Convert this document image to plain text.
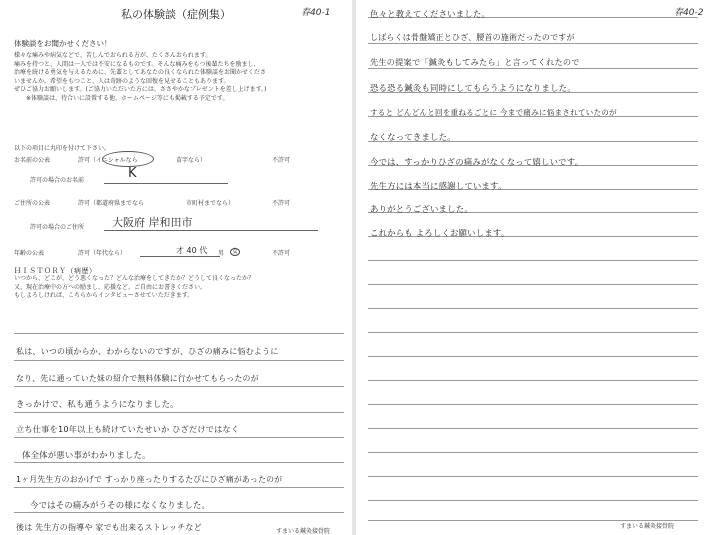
春40-1
私の体験談（症例集）
体験談をお聞かせください！

様々な痛みや病気などで、苦しんでおられる方が、たくさんおられます。

痛みを持つと、人間は一人では不安になるものです。そんな痛みをもつ後輩たちを励まし、

治療を続ける勇気を与えるために、先輩としてあなたの良くなられた体験談をお聞かせくださ

いませんか。希望をもつこと、人は奇跡のような回復を見せることもあります。

ぜひご協力お願いします。(ご協力いただいた方には、ささやかなプレゼントを差し上げます。)

※体験談は、待合いに設置する他、ホームページ等にも掲載する予定です。

以下の項目に丸印を付けて下さい。
お名前の公表	許可（イニシャルなら	苗字なら）	不許可
許可の場合のお名前	K
ご住所の公表	許可（都道府県までなら	市町村までなら）	不許可
許可の場合のご住所	大阪府 岸和田市
年齢の公表	許可（年代なら）	才 40 代 男	女	不許可
ＨＩＳＴＯＲＹ（病歴）

いつから、どこが、どう悪くなった？どんな治療をしてきたか？どうして良くなったか？

又、現在治療中の方への励まし、応援など、ご自由にお書きください。

もしよろしければ、こちらからインタビューさせていただきます。

私は、いつの頃からか、わからないのですが、ひざの痛みに悩むように
なり、先に通っていた妹の紹介で無料体験に行かせてもらったのが
きっかけで、私も通うようになりました。
立ち仕事を10年以上も続けていたせいか ひざだけではなく
体全体が悪い事がわかりました。
1ヶ月先生方のおかげで すっかり座ったりするたびにひざ痛があったのが
今ではその痛みがうその様になくなりました。
後は 先生方の指導や 家でも出来るストレッチなど	すまいる鍼灸接骨院
春40-2
色々と教えてくださいました。
しばらくは骨盤矯正とひざ、腰首の施術だったのですが
先生の提案で「鍼灸もしてみたら」と言ってくれたので
恐る恐る鍼灸も同時にしてもらうようになりました。
すると どんどんと回を重ねるごとに 今まで痛みに悩まされていたのが
なくなってきました。
今では、すっかりひざの痛みがなくなって嬉しいです。
先生方には本当に感謝しています。
ありがとうございました。
これからも よろしくお願いします。
すまいる鍼灸接骨院
